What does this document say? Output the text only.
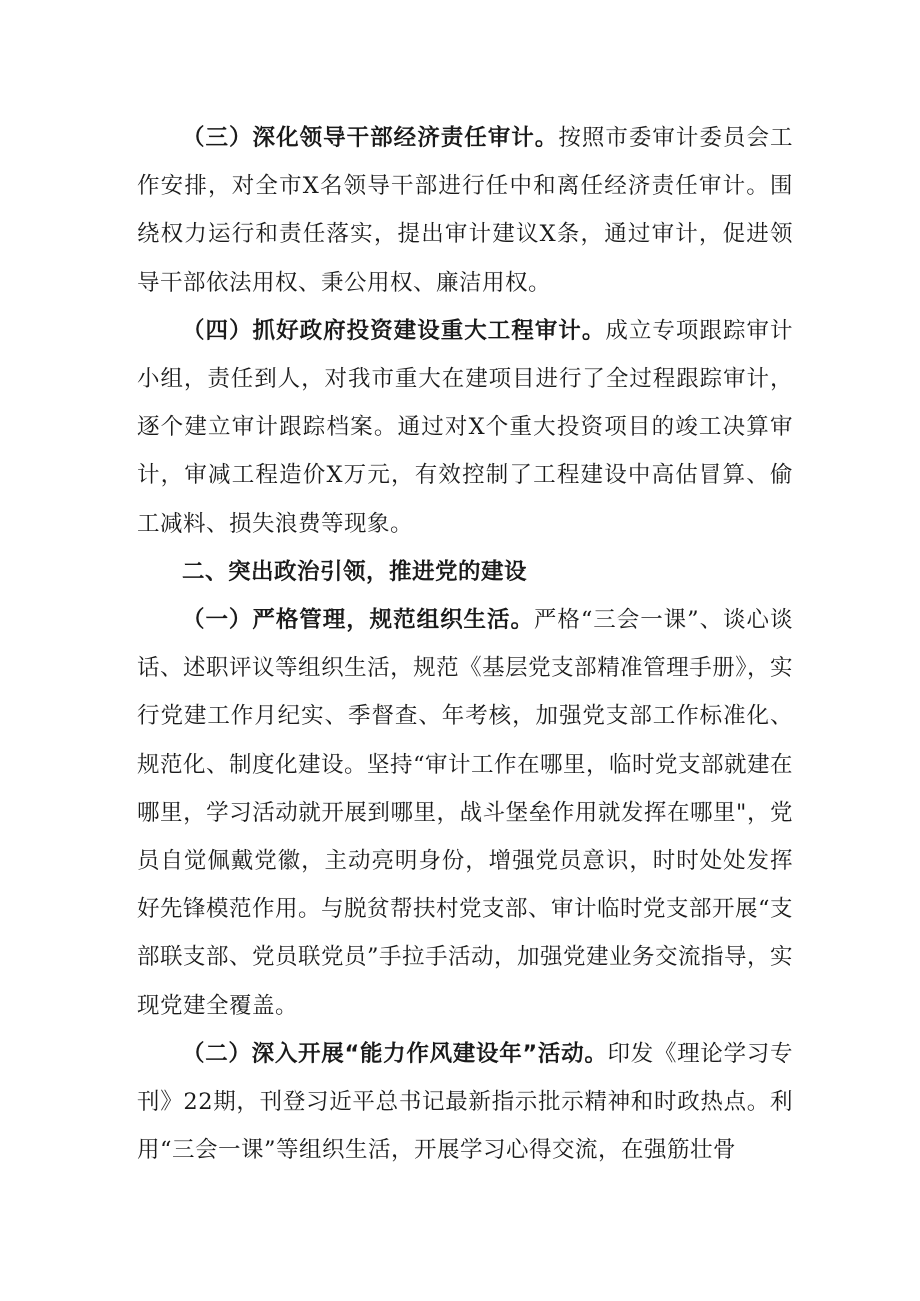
（三）深化领导干部经济责任审计。按照市委审计委员会工作安排，对全市X名领导干部进行任中和离任经济责任审计。围绕权力运行和责任落实，提出审计建议X条，通过审计，促进领导干部依法用权、秉公用权、廉洁用权。

（四）抓好政府投资建设重大工程审计。成立专项跟踪审计小组，责任到人，对我市重大在建项目进行了全过程跟踪审计，逐个建立审计跟踪档案。通过对X个重大投资项目的竣工决算审计，审减工程造价X万元，有效控制了工程建设中高估冒算、偷工减料、损失浪费等现象。

二、突出政治引领，推进党的建设

（一）严格管理，规范组织生活。严格“三会一课”、谈心谈话、述职评议等组织生活，规范《基层党支部精准管理手册》，实行党建工作月纪实、季督查、年考核，加强党支部工作标准化、规范化、制度化建设。坚持“审计工作在哪里，临时党支部就建在哪里，学习活动就开展到哪里，战斗堡垒作用就发挥在哪里"，党员自觉佩戴党徽，主动亮明身份，增强党员意识，时时处处发挥好先锋模范作用。与脱贫帮扶村党支部、审计临时党支部开展“支部联支部、党员联党员”手拉手活动，加强党建业务交流指导，实现党建全覆盖。

（二）深入开展“能力作风建设年”活动。印发《理论学习专刊》22期，刊登习近平总书记最新指示批示精神和时政热点。利用“三会一课”等组织生活，开展学习心得交流，在强筋壮骨
